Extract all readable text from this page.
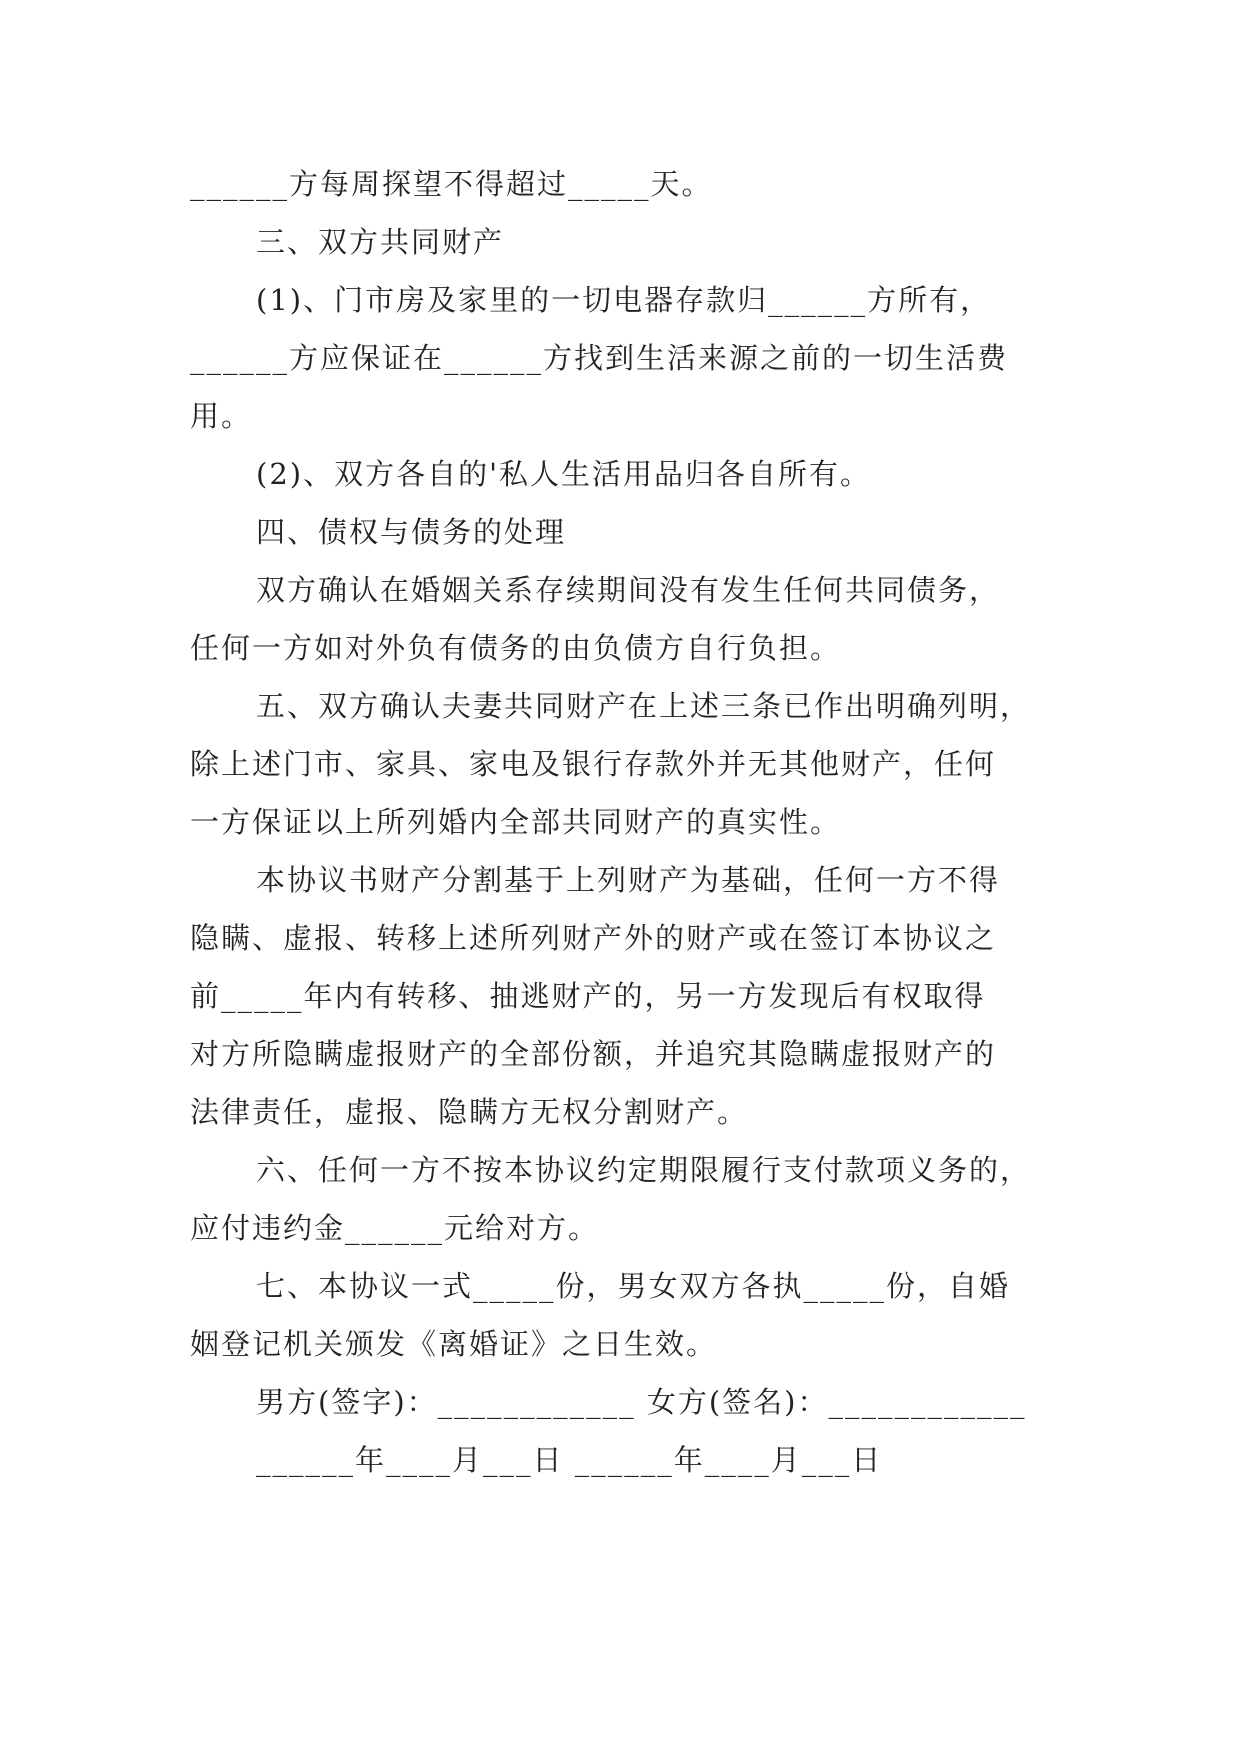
______方每周探望不得超过_____天。
三、双方共同财产
(1)、门市房及家里的一切电器存款归______方所有，
______方应保证在______方找到生活来源之前的一切生活费
用。
(2)、双方各自的'私人生活用品归各自所有。
四、债权与债务的处理
双方确认在婚姻关系存续期间没有发生任何共同债务，
任何一方如对外负有债务的由负债方自行负担。
五、双方确认夫妻共同财产在上述三条已作出明确列明，
除上述门市、家具、家电及银行存款外并无其他财产，任何
一方保证以上所列婚内全部共同财产的真实性。
本协议书财产分割基于上列财产为基础，任何一方不得
隐瞒、虚报、转移上述所列财产外的财产或在签订本协议之
前_____年内有转移、抽逃财产的，另一方发现后有权取得
对方所隐瞒虚报财产的全部份额，并追究其隐瞒虚报财产的
法律责任，虚报、隐瞒方无权分割财产。
六、任何一方不按本协议约定期限履行支付款项义务的，
应付违约金______元给对方。
七、本协议一式_____份，男女双方各执_____份，自婚
姻登记机关颁发《离婚证》之日生效。
男方(签字)：____________ 女方(签名)：____________
______年____月___日 ______年____月___日
